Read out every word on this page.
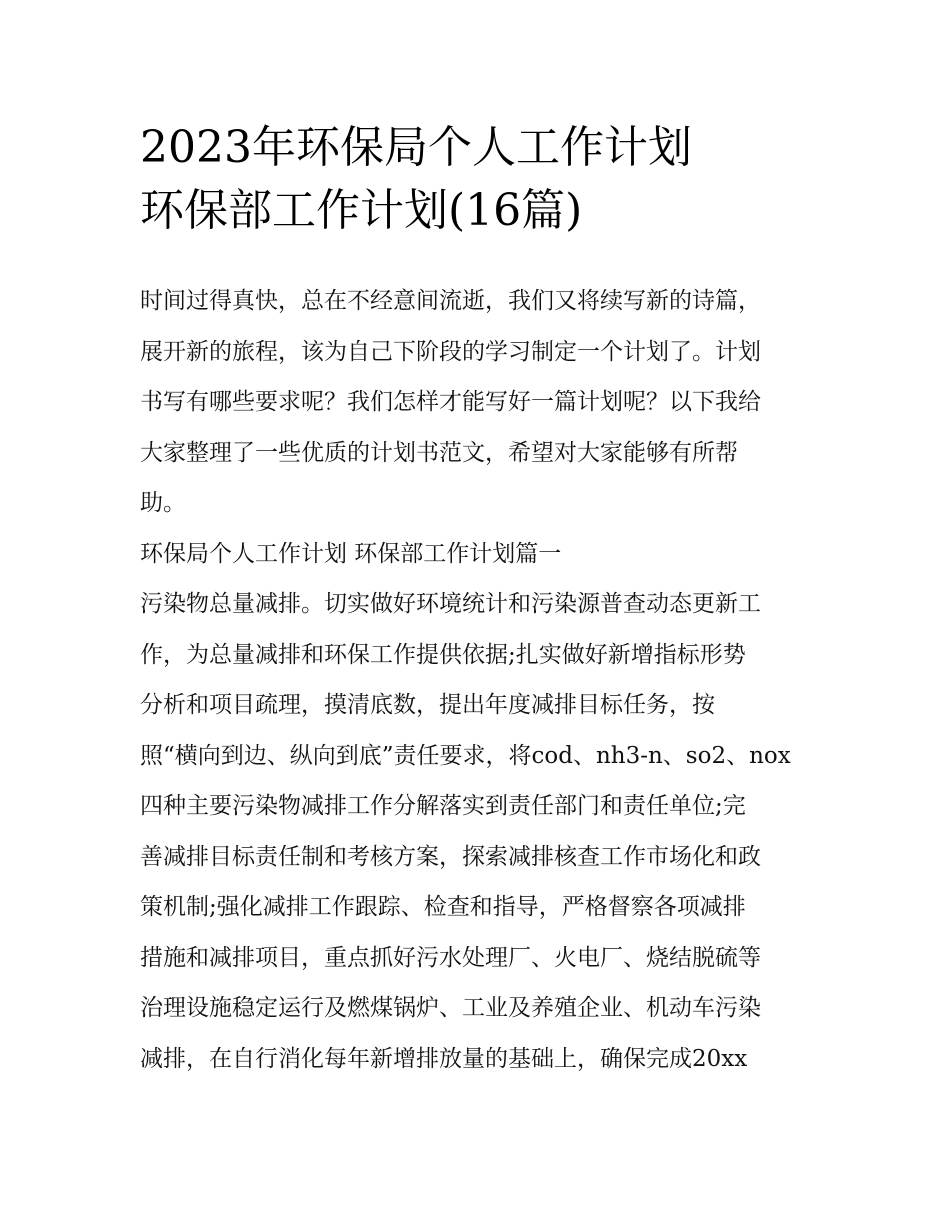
2023年环保局个人工作计划
环保部工作计划(16篇)
时间过得真快，总在不经意间流逝，我们又将续写新的诗篇，
展开新的旅程，该为自己下阶段的学习制定一个计划了。计划
书写有哪些要求呢？我们怎样才能写好一篇计划呢？以下我给
大家整理了一些优质的计划书范文，希望对大家能够有所帮
助。
环保局个人工作计划 环保部工作计划篇一
污染物总量减排。切实做好环境统计和污染源普查动态更新工
作，为总量减排和环保工作提供依据;扎实做好新增指标形势
分析和项目疏理，摸清底数，提出年度减排目标任务，按
照“横向到边、纵向到底”责任要求，将cod、nh3-n、so2、nox
四种主要污染物减排工作分解落实到责任部门和责任单位;完
善减排目标责任制和考核方案，探索减排核查工作市场化和政
策机制;强化减排工作跟踪、检查和指导，严格督察各项减排
措施和减排项目，重点抓好污水处理厂、火电厂、烧结脱硫等
治理设施稳定运行及燃煤锅炉、工业及养殖企业、机动车污染
减排，在自行消化每年新增排放量的基础上，确保完成20xx
